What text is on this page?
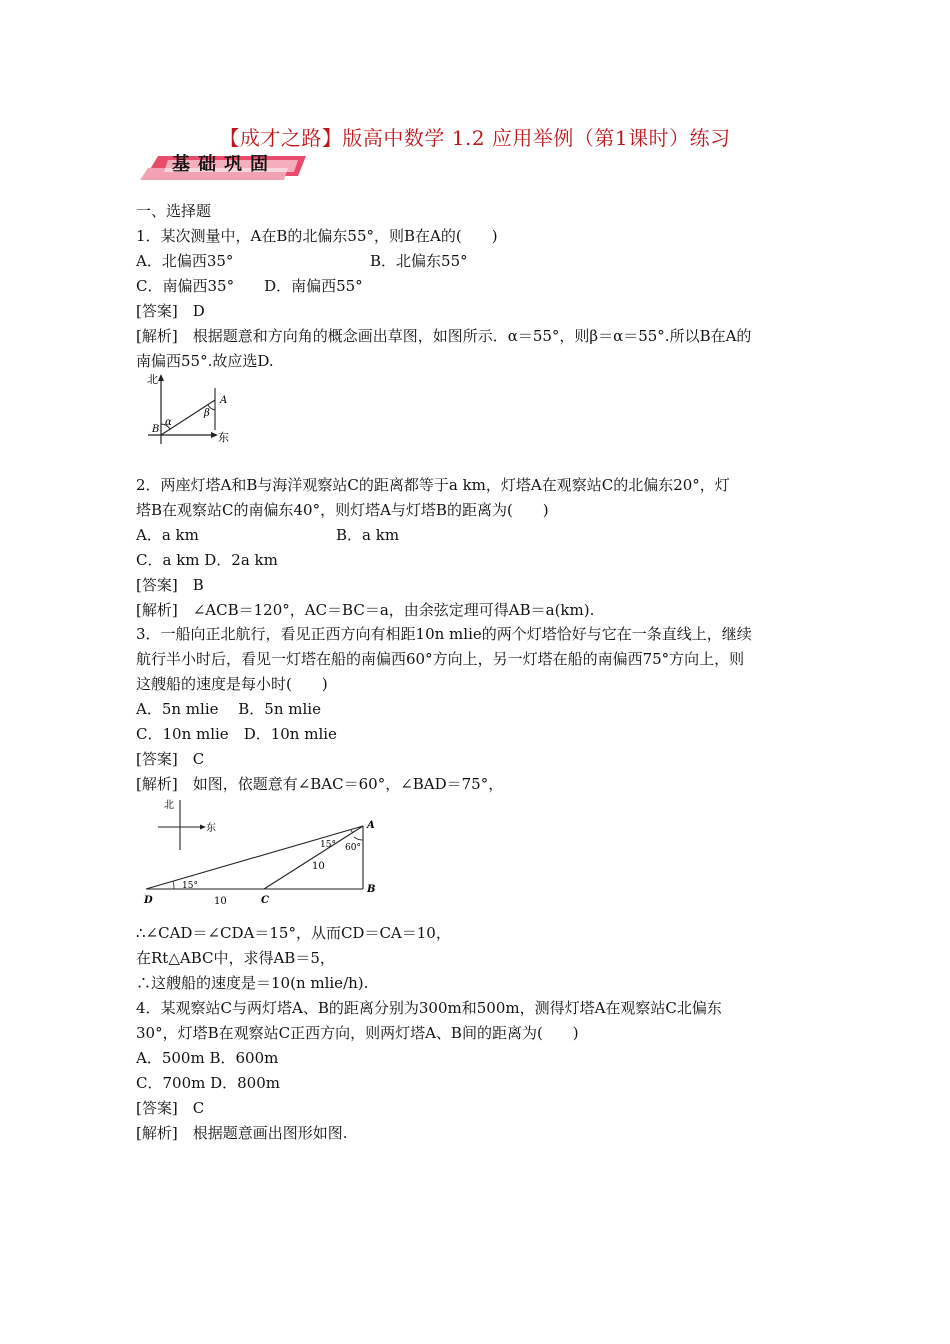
【成才之路】版高中数学 1.2 应用举例（第1课时）练习
基础巩固
一、选择题
1．某次测量中，A在B的北偏东55°，则B在A的(　　)
A．北偏西35°	B．北偏东55°
C．南偏西35°　　D．南偏西55°
[答案]　D
[解析]　根据题意和方向角的概念画出草图，如图所示．α＝55°，则β＝α＝55°.所以B在A的
南偏西55°.故应选D.
北
东
A
B
α
β
2．两座灯塔A和B与海洋观察站C的距离都等于a km，灯塔A在观察站C的北偏东20°，灯
塔B在观察站C的南偏东40°，则灯塔A与灯塔B的距离为(　　)
A．a km	B．a km
C．a km D．2a km
[答案]　B
[解析]　∠ACB＝120°，AC＝BC＝a，由余弦定理可得AB＝a(km).
3．一船向正北航行，看见正西方向有相距10n mlie的两个灯塔恰好与它在一条直线上，继续
航行半小时后，看见一灯塔在船的南偏西60°方向上，另一灯塔在船的南偏西75°方向上，则
这艘船的速度是每小时(　　)
A．5n mlie　 B．5n mlie
C．10n mlie　D．10n mlie
[答案]　C
[解析]　如图，依题意有∠BAC＝60°，∠BAD＝75°，
北
东	A
B
C
D
15° 60°
15°
10
10
∴∠CAD＝∠CDA＝15°，从而CD＝CA＝10，
在Rt△ABC中，求得AB＝5，
∴这艘船的速度是＝10(n mlie/h).
4．某观察站C与两灯塔A、B的距离分别为300m和500m，测得灯塔A在观察站C北偏东
30°，灯塔B在观察站C正西方向，则两灯塔A、B间的距离为(　　)
A．500m B．600m
C．700m D．800m
[答案]　C
[解析]　根据题意画出图形如图.
